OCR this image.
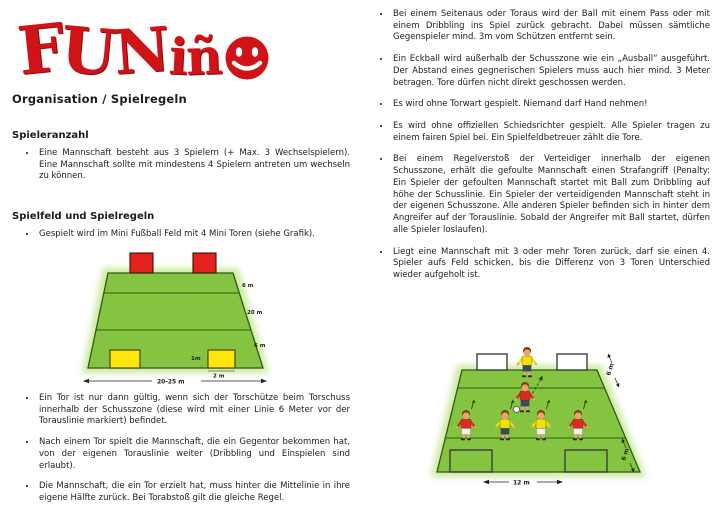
F
U
N
i
ñ
Organisation / Spielregeln
Spieleranzahl
• Eine Mannschaft besteht aus 3 Spielern (+ Max. 3 Wechselspielern). Eine Mannschaft sollte mit mindestens 4 Spielern antreten um wechseln zu können.
Spielfeld und Spielregeln
• Gespielt wird im Mini Fußball Feld mit 4 Mini Toren (siehe Grafik).
6 m
20 m
6 m
1m
2 m
20-25 m
• Ein Tor ist nur dann gültig, wenn sich der Torschütze beim Torschuss innerhalb der Schusszone (diese wird mit einer Linie 6 Meter vor der Torauslinie markiert) befindet.
• Nach einem Tor spielt die Mannschaft, die ein Gegentor bekommen hat, von der eigenen Torauslinie weiter (Dribbling und Einspielen sind erlaubt).
• Die Mannschaft, die ein Tor erzielt hat, muss hinter die Mittelinie in ihre eigene Hälfte zurück. Bei Torabstoß gilt die gleiche Regel.
• Bei einem Seitenaus oder Toraus wird der Ball mit einem Pass oder mit einem Dribbling ins Spiel zurück gebracht. Dabei müssen sämtliche Gegenspieler mind. 3m vom Schützen entfernt sein.
• Ein Eckball wird außerhalb der Schusszone wie ein „Ausball“ ausgeführt. Der Abstand eines gegnerischen Spielers muss auch hier mind. 3 Meter betragen. Tore dürfen nicht direkt geschossen werden.
• Es wird ohne Torwart gespielt. Niemand darf Hand nehmen!
• Es wird ohne offiziellen Schiedsrichter gespielt. Alle Spieler tragen zu einem fairen Spiel bei. Ein Spielfeldbetreuer zählt die Tore.
• Bei einem Regelverstoß der Verteidiger innerhalb der eigenen Schusszone, erhält die gefoulte Mannschaft einen Strafangriff (Penalty: Ein Spieler der gefoulten Mannschaft startet mit Ball zum Dribbling auf höhe der Schusslinie. Ein Spieler der verteidigenden Mannschaft steht in der eigenen Schusszone. Alle anderen Spieler befinden sich in hinter dem Angreifer auf der Torauslinie. Sobald der Angreifer mit Ball startet, dürfen alle Spieler loslaufen).
• Liegt eine Mannschaft mit 3 oder mehr Toren zurück, darf sie einen 4. Spieler aufs Feld schicken, bis die Differenz von 3 Toren Unterschied wieder aufgeholt ist.
6 m
6 m
12 m
